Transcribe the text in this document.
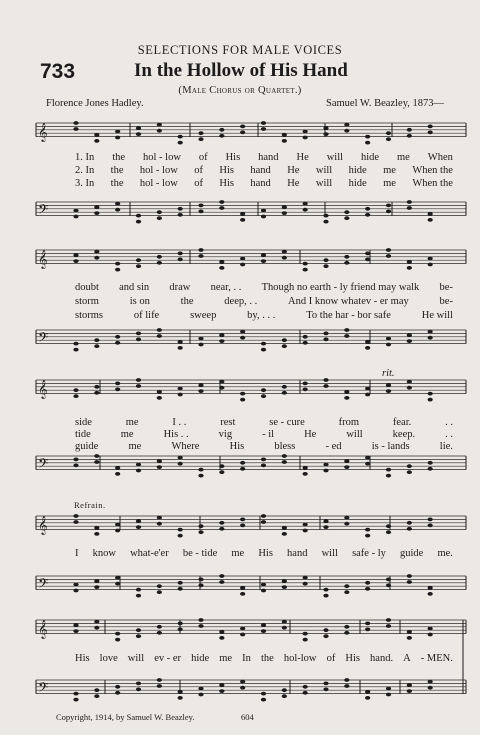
SELECTIONS FOR MALE VOICES
733	In the Hollow of His Hand
(Male Chorus or Quartet.)
Florence Jones Hadley.	Samuel W. Beazley, 1873—
𝄞
𝄢
𝄞
𝄢
𝄞
𝄢
𝄞
𝄢
𝄞
𝄢
1. In the hol - low of His hand He will hide me When
2. In the hol - low of His hand He will hide me When the
3. In the hol - low of His hand He will hide me When the
doubt and sin draw near, . . Though no earth - ly friend may walk be-
storm	is on	the	deep, . .	And I know whatev - er may	be-
storms	of life	sweep	by, . . .	To the har - bor safe	He will
side	me	I . .	rest	se - cure	from	fear.	. .
tide	me	His . .	vig	- il	He	will	keep.	. .
guide	me	Where	His	bless	- ed	is - lands	lie.
I know what-e'er be - tide me His hand will safe - ly guide me.
His love will ev - er hide me In the hol-low of His hand. A - MEN.
Refrain.
rit.
Copyright, 1914, by Samuel W. Beazley.	604
